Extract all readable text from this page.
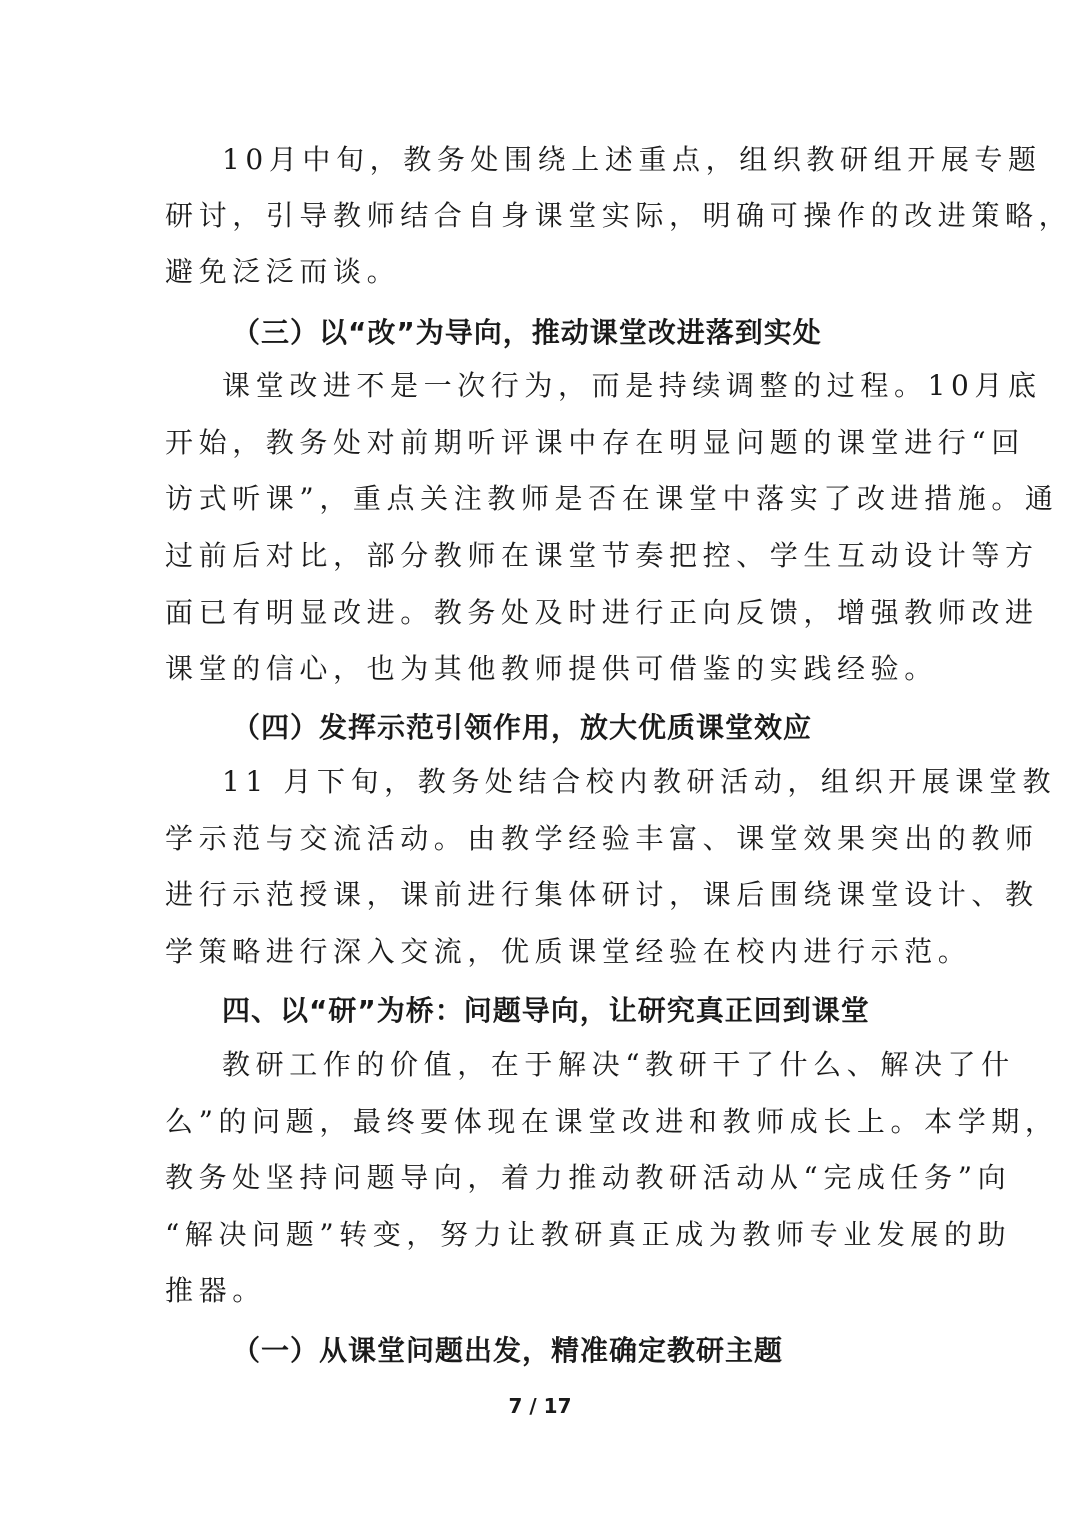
10月中旬，教务处围绕上述重点，组织教研组开展专题
研讨，引导教师结合自身课堂实际，明确可操作的改进策略，
避免泛泛而谈。
（三）以“改”为导向，推动课堂改进落到实处
课堂改进不是一次行为，而是持续调整的过程。10月底
开始，教务处对前期听评课中存在明显问题的课堂进行“回
访式听课”，重点关注教师是否在课堂中落实了改进措施。通
过前后对比，部分教师在课堂节奏把控、学生互动设计等方
面已有明显改进。教务处及时进行正向反馈，增强教师改进
课堂的信心，也为其他教师提供可借鉴的实践经验。
（四）发挥示范引领作用，放大优质课堂效应
11 月下旬，教务处结合校内教研活动，组织开展课堂教
学示范与交流活动。由教学经验丰富、课堂效果突出的教师
进行示范授课，课前进行集体研讨，课后围绕课堂设计、教
学策略进行深入交流，优质课堂经验在校内进行示范。
四、以“研”为桥：问题导向，让研究真正回到课堂
教研工作的价值，在于解决“教研干了什么、解决了什
么”的问题，最终要体现在课堂改进和教师成长上。本学期，
教务处坚持问题导向，着力推动教研活动从“完成任务”向
“解决问题”转变，努力让教研真正成为教师专业发展的助
推器。
（一）从课堂问题出发，精准确定教研主题
7 / 17
